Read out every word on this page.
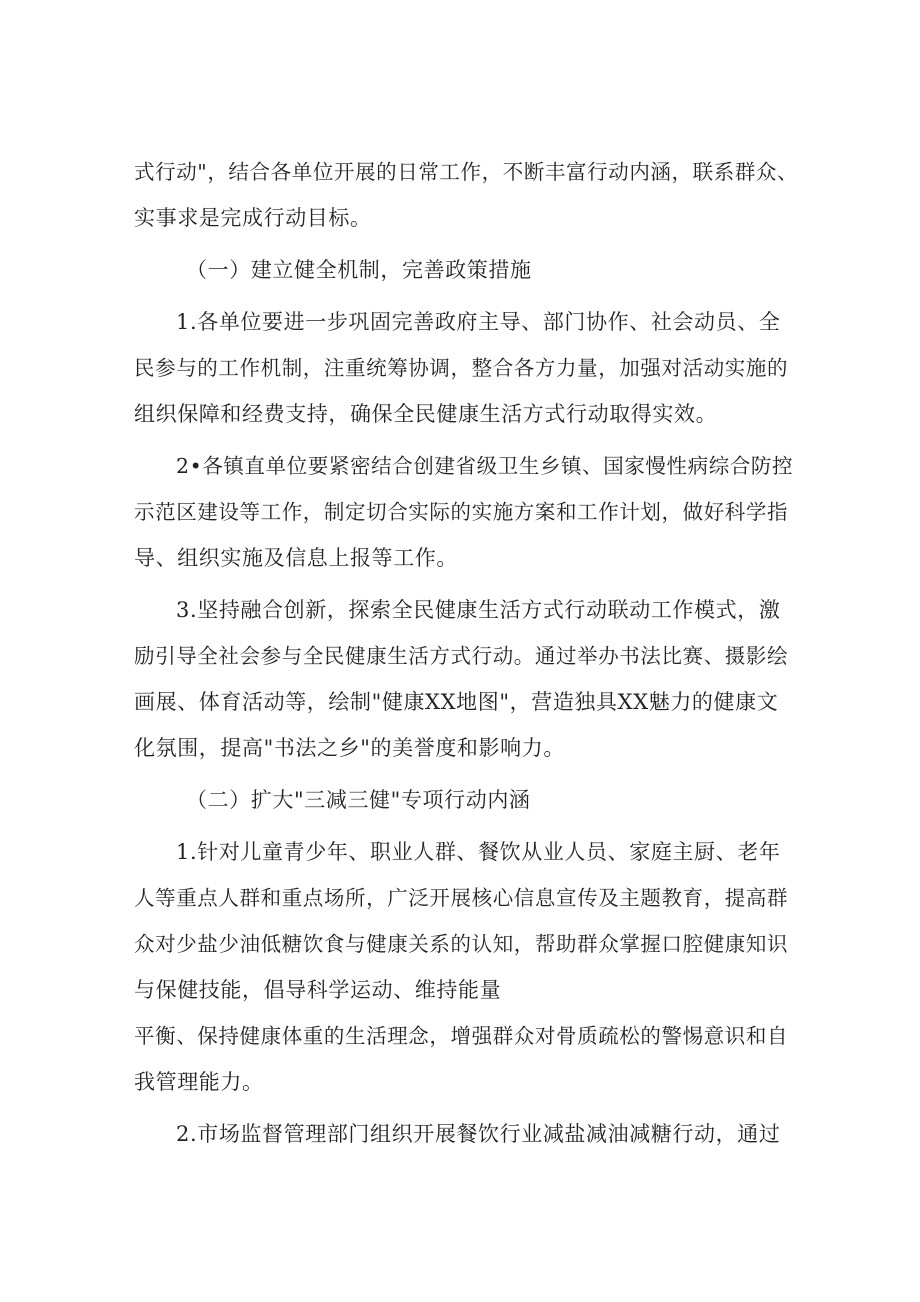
式行动"，结合各单位开展的日常工作，不断丰富行动内涵，联系群众、
实事求是完成行动目标。
（一）建立健全机制，完善政策措施
1.各单位要进一步巩固完善政府主导、部门协作、社会动员、全
民参与的工作机制，注重统筹协调，整合各方力量，加强对活动实施的
组织保障和经费支持，确保全民健康生活方式行动取得实效。
2•各镇直单位要紧密结合创建省级卫生乡镇、国家慢性病综合防控
示范区建设等工作，制定切合实际的实施方案和工作计划，做好科学指
导、组织实施及信息上报等工作。
3.坚持融合创新，探索全民健康生活方式行动联动工作模式，激
励引导全社会参与全民健康生活方式行动。通过举办书法比赛、摄影绘
画展、体育活动等，绘制"健康XX地图"，营造独具XX魅力的健康文
化氛围，提高"书法之乡"的美誉度和影响力。
（二）扩大"三减三健"专项行动内涵
1.针对儿童青少年、职业人群、餐饮从业人员、家庭主厨、老年
人等重点人群和重点场所，广泛开展核心信息宣传及主题教育，提高群
众对少盐少油低糖饮食与健康关系的认知，帮助群众掌握口腔健康知识
与保健技能，倡导科学运动、维持能量
平衡、保持健康体重的生活理念，增强群众对骨质疏松的警惕意识和自
我管理能力。
2.市场监督管理部门组织开展餐饮行业减盐减油减糖行动，通过
